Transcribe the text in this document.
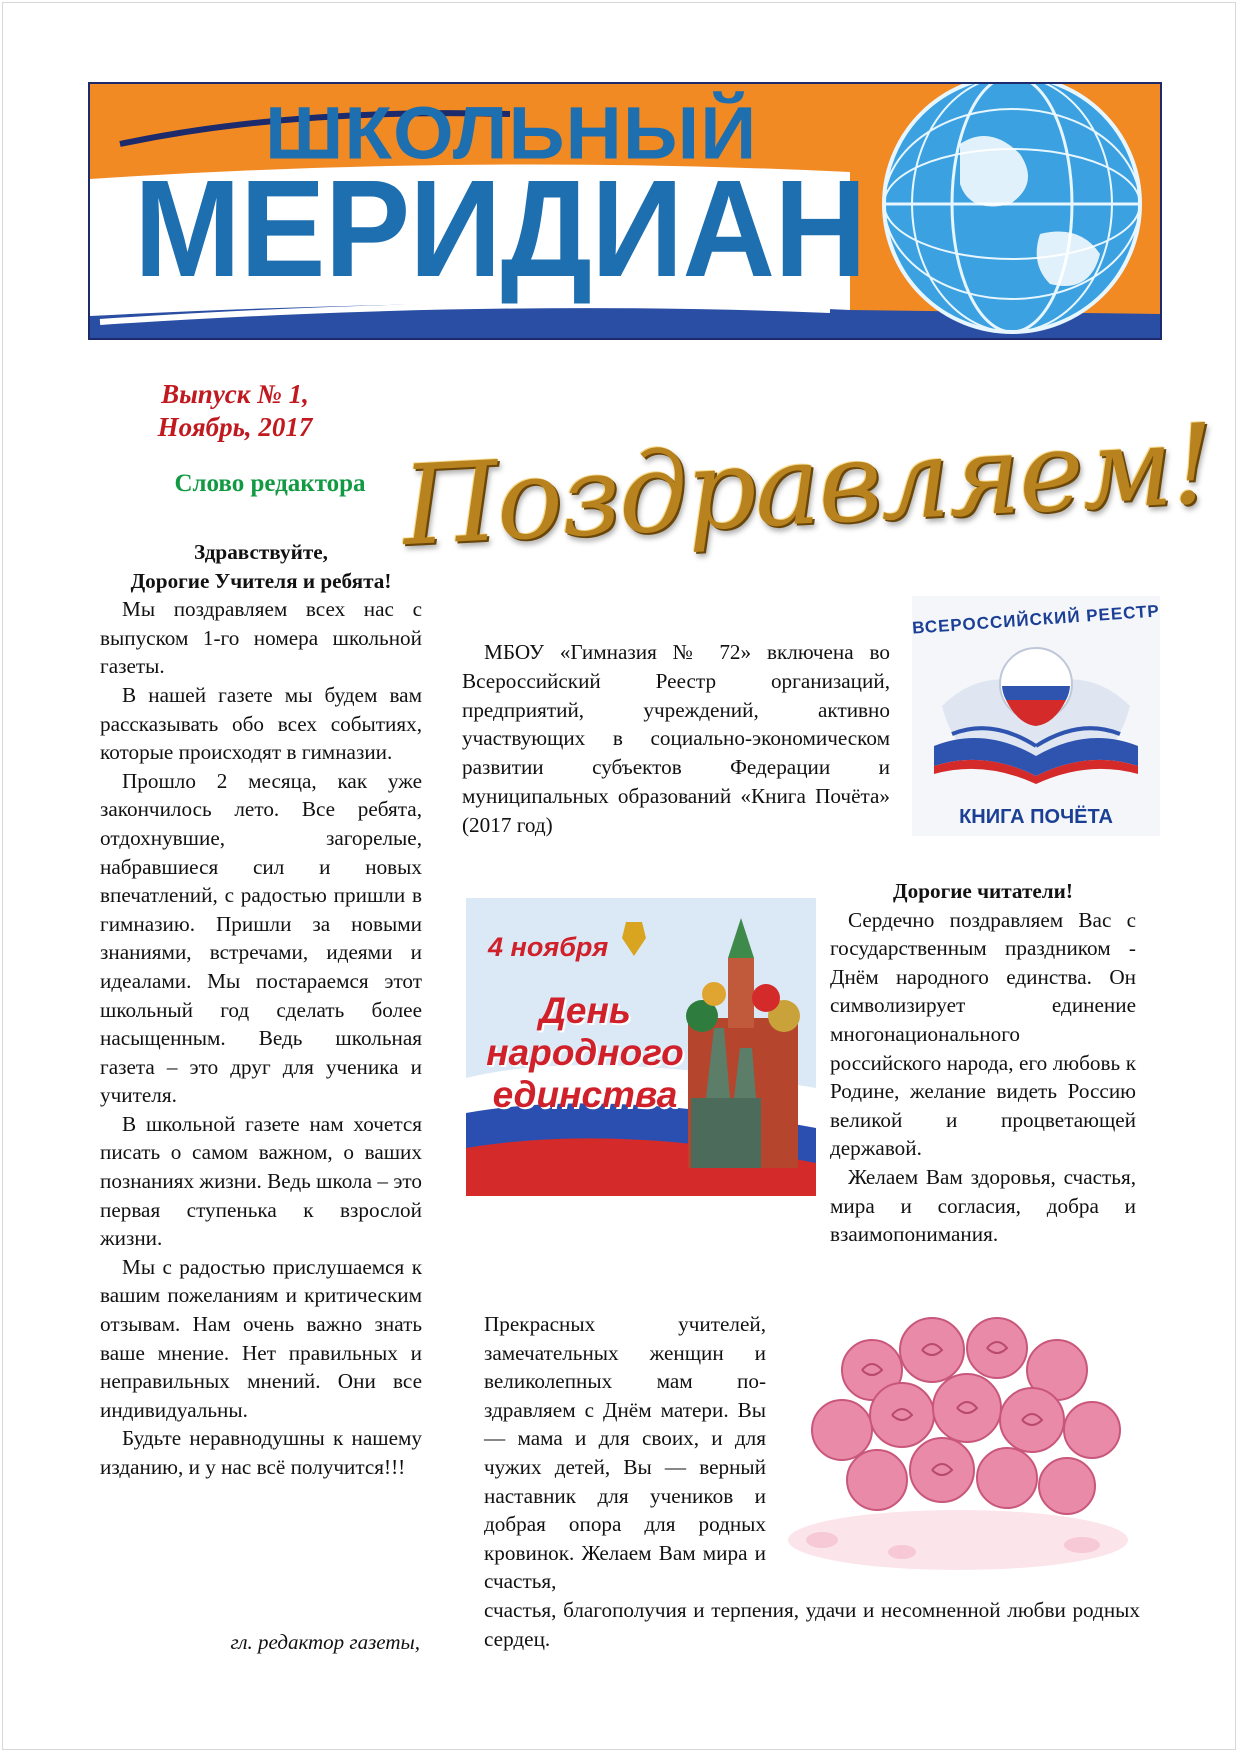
ШКОЛЬНЫЙ
МЕРИДИАН
Выпуск № 1,
Ноябрь, 2017
Слово редактора
Здравствуйте,
Дорогие Учителя и ребята!

Мы поздравляем всех нас с выпуском 1-го номера школьной газеты.

В нашей газете мы будем вам рассказывать обо всех событиях, которые происходят в гимназии.

Прошло 2 месяца, как уже закончилось лето. Все ребята, отдохнувшие, загорелые, набравшиеся сил и новых впечатлений, с радостью пришли в гимназию. Пришли за новыми знаниями, встречами, идеями и идеалами. Мы постараемся этот школьный год сделать более насыщенным. Ведь школьная газета – это друг для ученика и учителя.

В школьной газете нам хочется писать о самом важном, о ваших познаниях жизни. Ведь школа – это первая ступенька к взрослой жизни.

Мы с радостью прислушаемся к вашим пожеланиям и критическим отзывам. Нам очень важно знать ваше мнение. Нет правильных и неправильных мнений. Они все индивидуальны.

Будьте неравнодушны к нашему изданию, и у нас всё получится!!!

гл. редактор газеты,
Поздравляем!

МБОУ «Гимназия № 72» включена во Всероссийский Реестр организаций, предприятий, учреждений, активно участвующих в социально-экономическом развитии субъектов Федерации и муниципальных образований «Книга Почёта» (2017 год)

ВСЕРОССИЙСКИЙ РЕЕСТР
КНИГА ПОЧЁТА
4 ноября
День
народного
единства
Дорогие читатели!

Сердечно поздравляем Вас с государственным праздником - Днём народного единства. Он символизирует единение многонационального российского народа, его любовь к Родине, желание видеть Россию великой и процветающей державой.

Желаем Вам здоровья, счастья, мира и согласия, добра и взаимопонимания.

Прекрасных учителей, замечательных женщин и великолепных мам поздравляем с Днём матери. Вы — мама и для своих, и для чужих детей, Вы — верный наставник для учеников и добрая опора для родных кровинок. Желаем Вам мира и счастья,

счастья, благополучия и терпения, удачи и несомненной любви родных сердец.
